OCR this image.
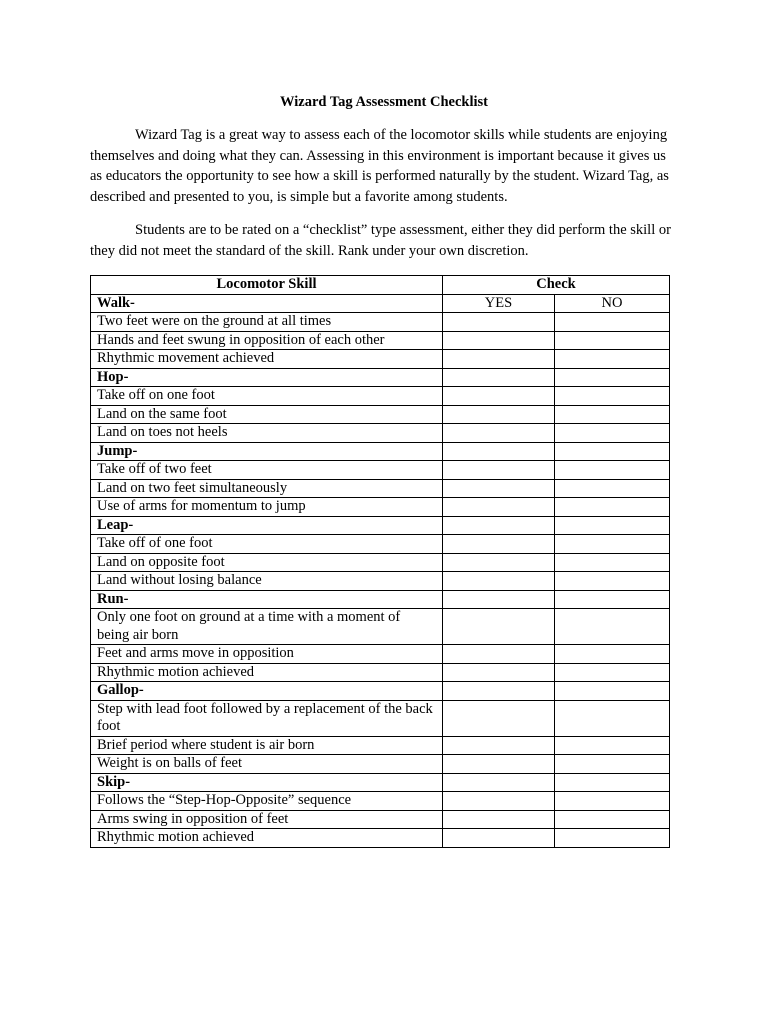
Wizard Tag Assessment Checklist

Wizard Tag is a great way to assess each of the locomotor skills while students are enjoying themselves and doing what they can. Assessing in this environment is important because it gives us as educators the opportunity to see how a skill is performed naturally by the student. Wizard Tag, as described and presented to you, is simple but a favorite among students.

Students are to be rated on a “checklist” type assessment, either they did perform the skill or they did not meet the standard of the skill. Rank under your own discretion.

Locomotor Skill	Check	
Walk-	YES	NO
Two feet were on the ground at all times		
Hands and feet swung in opposition of each other		
Rhythmic movement achieved		
Hop-		
Take off on one foot		
Land on the same foot		
Land on toes not heels		
Jump-		
Take off of two feet		
Land on two feet simultaneously		
Use of arms for momentum to jump		
Leap-		
Take off of one foot		
Land on opposite foot		
Land without losing balance		
Run-		
Only one foot on ground at a time with a moment of being air born		
Feet and arms move in opposition		
Rhythmic motion achieved		
Gallop-		
Step with lead foot followed by a replacement of the back foot		
Brief period where student is air born		
Weight is on balls of feet		
Skip-		
Follows the “Step-Hop-Opposite” sequence		
Arms swing in opposition of feet		
Rhythmic motion achieved		
